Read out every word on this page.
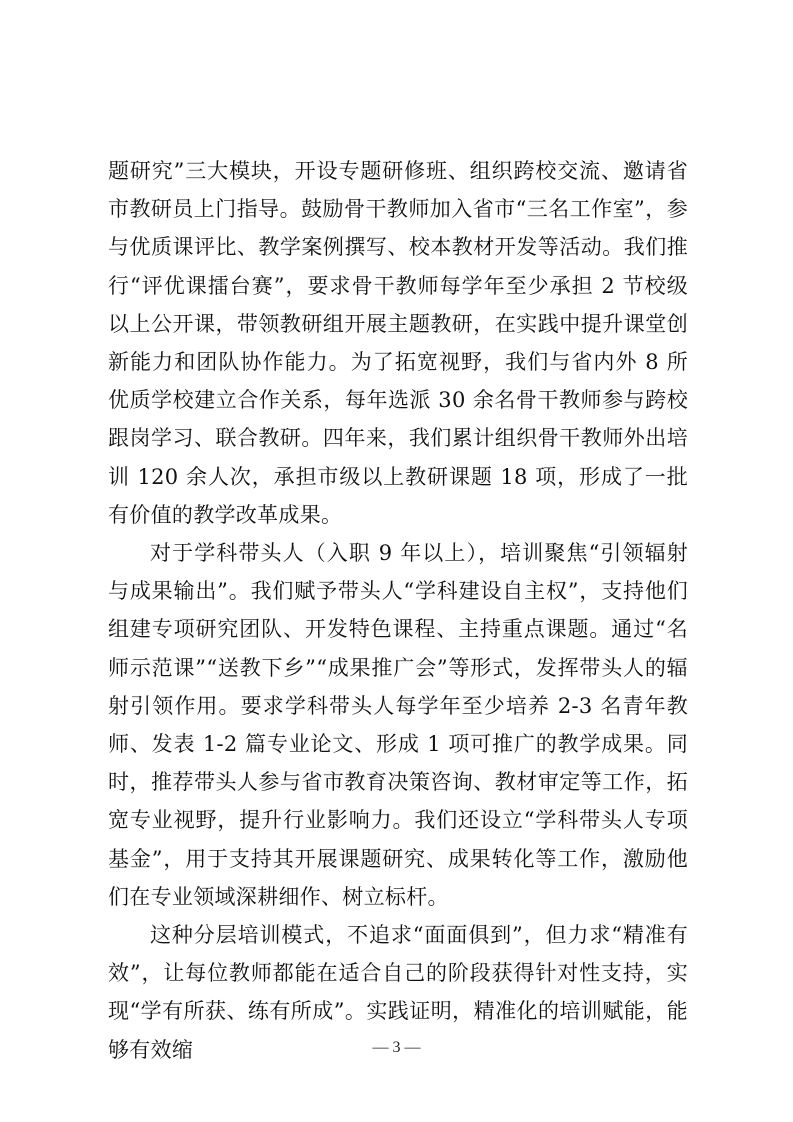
题研究”三大模块，开设专题研修班、组织跨校交流、邀请省市教研员上门指导。鼓励骨干教师加入省市“三名工作室”，参与优质课评比、教学案例撰写、校本教材开发等活动。我们推行“评优课擂台赛”，要求骨干教师每学年至少承担 2 节校级以上公开课，带领教研组开展主题教研，在实践中提升课堂创新能力和团队协作能力。为了拓宽视野，我们与省内外 8 所优质学校建立合作关系，每年选派 30 余名骨干教师参与跨校跟岗学习、联合教研。四年来，我们累计组织骨干教师外出培训 120 余人次，承担市级以上教研课题 18 项，形成了一批有价值的教学改革成果。

对于学科带头人（入职 9 年以上），培训聚焦“引领辐射与成果输出”。我们赋予带头人“学科建设自主权”，支持他们组建专项研究团队、开发特色课程、主持重点课题。通过“名师示范课”“送教下乡”“成果推广会”等形式，发挥带头人的辐射引领作用。要求学科带头人每学年至少培养 2-3 名青年教师、发表 1-2 篇专业论文、形成 1 项可推广的教学成果。同时，推荐带头人参与省市教育决策咨询、教材审定等工作，拓宽专业视野，提升行业影响力。我们还设立“学科带头人专项基金”，用于支持其开展课题研究、成果转化等工作，激励他们在专业领域深耕细作、树立标杆。

这种分层培训模式，不追求“面面俱到”，但力求“精准有效”，让每位教师都能在适合自己的阶段获得针对性支持，实现“学有所获、练有所成”。实践证明，精准化的培训赋能，能够有效缩	— 3 —
